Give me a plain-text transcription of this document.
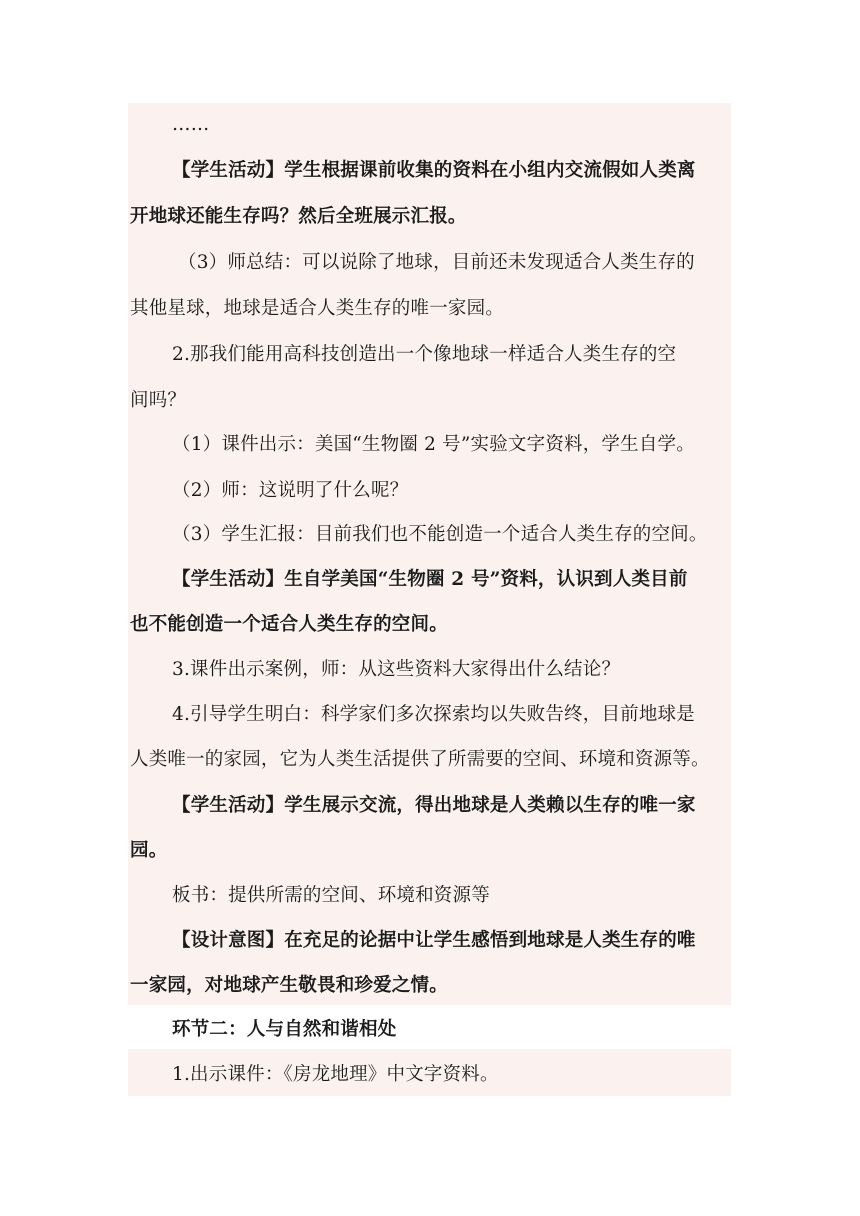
……
【学生活动】学生根据课前收集的资料在小组内交流假如人类离
开地球还能生存吗？然后全班展示汇报。
（3）师总结：可以说除了地球，目前还未发现适合人类生存的
其他星球，地球是适合人类生存的唯一家园。
2.那我们能用高科技创造出一个像地球一样适合人类生存的空
间吗？
（1）课件出示：美国“生物圈 2 号”实验文字资料，学生自学。
（2）师：这说明了什么呢？
（3）学生汇报：目前我们也不能创造一个适合人类生存的空间。
【学生活动】生自学美国“生物圈 2 号”资料，认识到人类目前
也不能创造一个适合人类生存的空间。
3.课件出示案例，师：从这些资料大家得出什么结论？
4.引导学生明白：科学家们多次探索均以失败告终，目前地球是
人类唯一的家园，它为人类生活提供了所需要的空间、环境和资源等。
【学生活动】学生展示交流，得出地球是人类赖以生存的唯一家
园。
板书：提供所需的空间、环境和资源等
【设计意图】在充足的论据中让学生感悟到地球是人类生存的唯
一家园，对地球产生敬畏和珍爱之情。
环节二：人与自然和谐相处
1.出示课件：《房龙地理》中文字资料。
